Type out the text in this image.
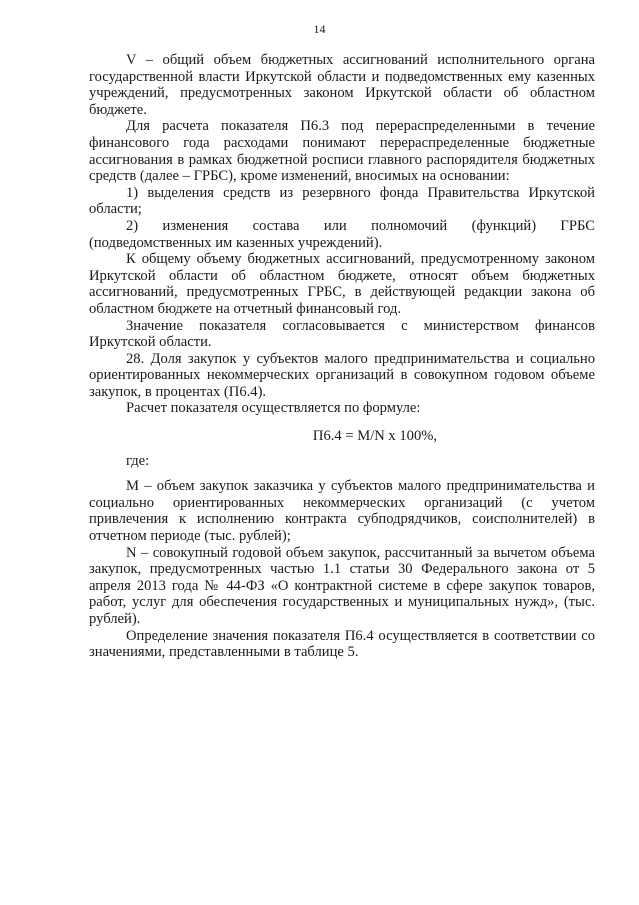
14

V – общий объем бюджетных ассигнований исполнительного органа государственной власти Иркутской области и подведомственных ему казенных учреждений, предусмотренных законом Иркутской области об областном бюджете.

Для расчета показателя П6.3 под перераспределенными в течение финансового года расходами понимают перераспределенные бюджетные ассигнования в рамках бюджетной росписи главного распорядителя бюджетных средств (далее – ГРБС), кроме изменений, вносимых на основании:

1) выделения средств из резервного фонда Правительства Иркутской области;

2) изменения состава или полномочий (функций) ГРБС (подведомственных им казенных учреждений).

К общему объему бюджетных ассигнований, предусмотренному законом Иркутской области об областном бюджете, относят объем бюджетных ассигнований, предусмотренных ГРБС, в действующей редакции закона об областном бюджете на отчетный финансовый год.

Значение показателя согласовывается с министерством финансов Иркутской области.

28. Доля закупок у субъектов малого предпринимательства и социально ориентированных некоммерческих организаций в совокупном годовом объеме закупок, в процентах (П6.4).

Расчет показателя осуществляется по формуле:

П6.4 = M/N x 100%,

где:

M – объем закупок заказчика у субъектов малого предпринимательства и социально ориентированных некоммерческих организаций (с учетом привлечения к исполнению контракта субподрядчиков, соисполнителей) в отчетном периоде (тыс. рублей);

N – совокупный годовой объем закупок, рассчитанный за вычетом объема закупок, предусмотренных частью 1.1 статьи 30 Федерального закона от 5 апреля 2013 года № 44-ФЗ «О контрактной системе в сфере закупок товаров, работ, услуг для обеспечения государственных и муниципальных нужд», (тыс. рублей).

Определение значения показателя П6.4 осуществляется в соответствии со значениями, представленными в таблице 5.
